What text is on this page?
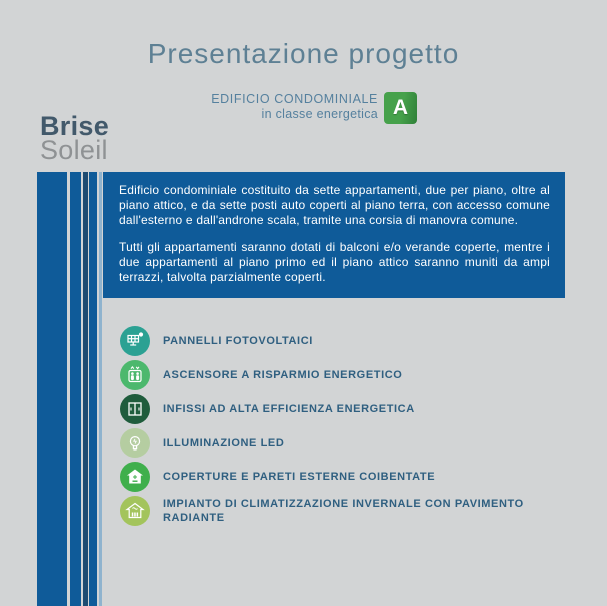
Presentazione progetto
EDIFICIO CONDOMINIALE
in classe energetica A
Brise
Soleil

Edificio condominiale costituito da sette appartamenti, due per piano, oltre al piano attico, e da sette posti auto coperti al piano terra, con accesso comune dall'esterno e dall'androne scala, tramite una corsia di manovra comune.

Tutti gli appartamenti saranno dotati di balconi e/o verande coperte, mentre i due appartamenti al piano primo ed il piano attico saranno muniti da ampi terrazzi, talvolta parzialmente coperti.

PANNELLI FOTOVOLTAICI
ASCENSORE A RISPARMIO ENERGETICO
INFISSI AD ALTA EFFICIENZA ENERGETICA
ILLUMINAZIONE LED
COPERTURE E PARETI ESTERNE COIBENTATE
IMPIANTO DI CLIMATIZZAZIONE INVERNALE CON PAVIMENTO RADIANTE
